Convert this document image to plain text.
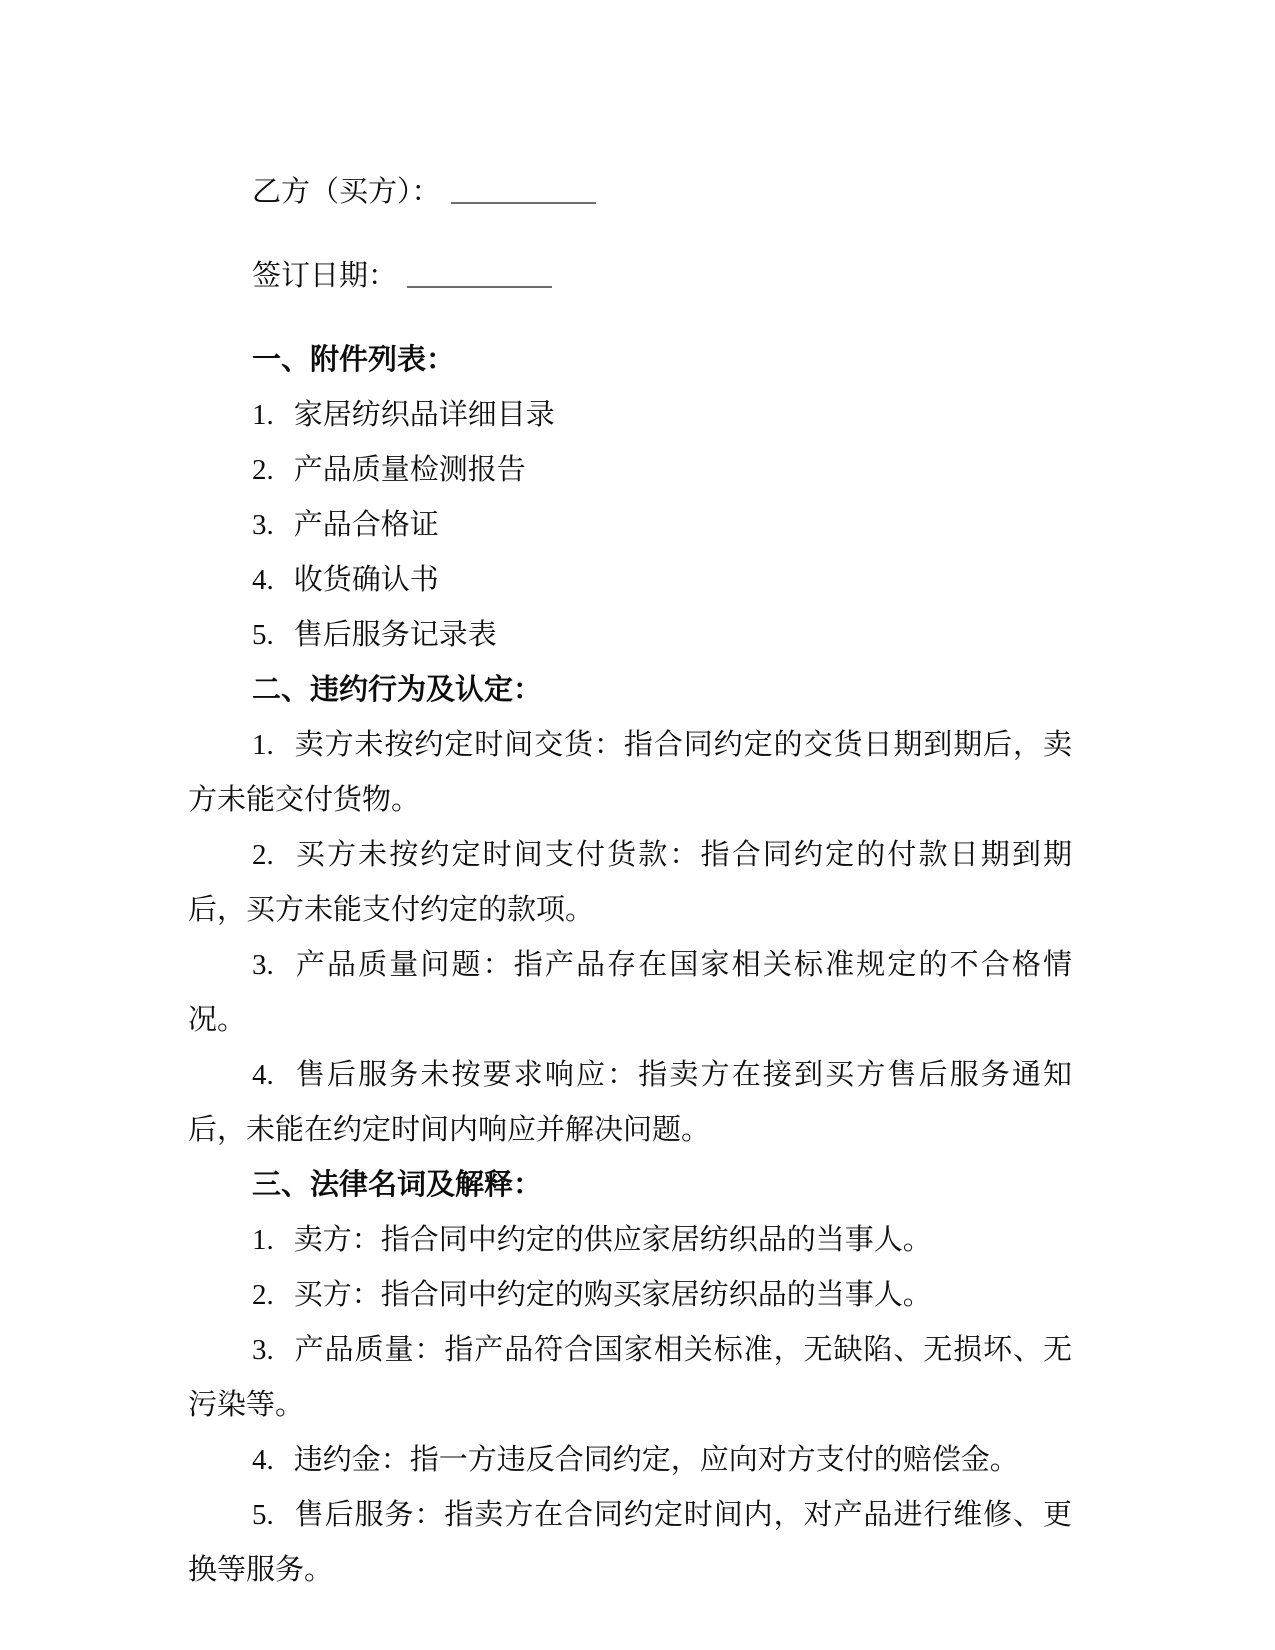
乙方（买方）：

签订日期：

一、附件列表：

1. 家居纺织品详细目录

2. 产品质量检测报告

3. 产品合格证

4. 收货确认书

5. 售后服务记录表

二、违约行为及认定：

1. 卖方未按约定时间交货：指合同约定的交货日期到期后，卖方未能交付货物。

2. 买方未按约定时间支付货款：指合同约定的付款日期到期后，买方未能支付约定的款项。

3. 产品质量问题：指产品存在国家相关标准规定的不合格情况。

4. 售后服务未按要求响应：指卖方在接到买方售后服务通知后，未能在约定时间内响应并解决问题。

三、法律名词及解释：

1. 卖方：指合同中约定的供应家居纺织品的当事人。

2. 买方：指合同中约定的购买家居纺织品的当事人。

3. 产品质量：指产品符合国家相关标准，无缺陷、无损坏、无污染等。

4. 违约金：指一方违反合同约定，应向对方支付的赔偿金。

5. 售后服务：指卖方在合同约定时间内，对产品进行维修、更换等服务。
